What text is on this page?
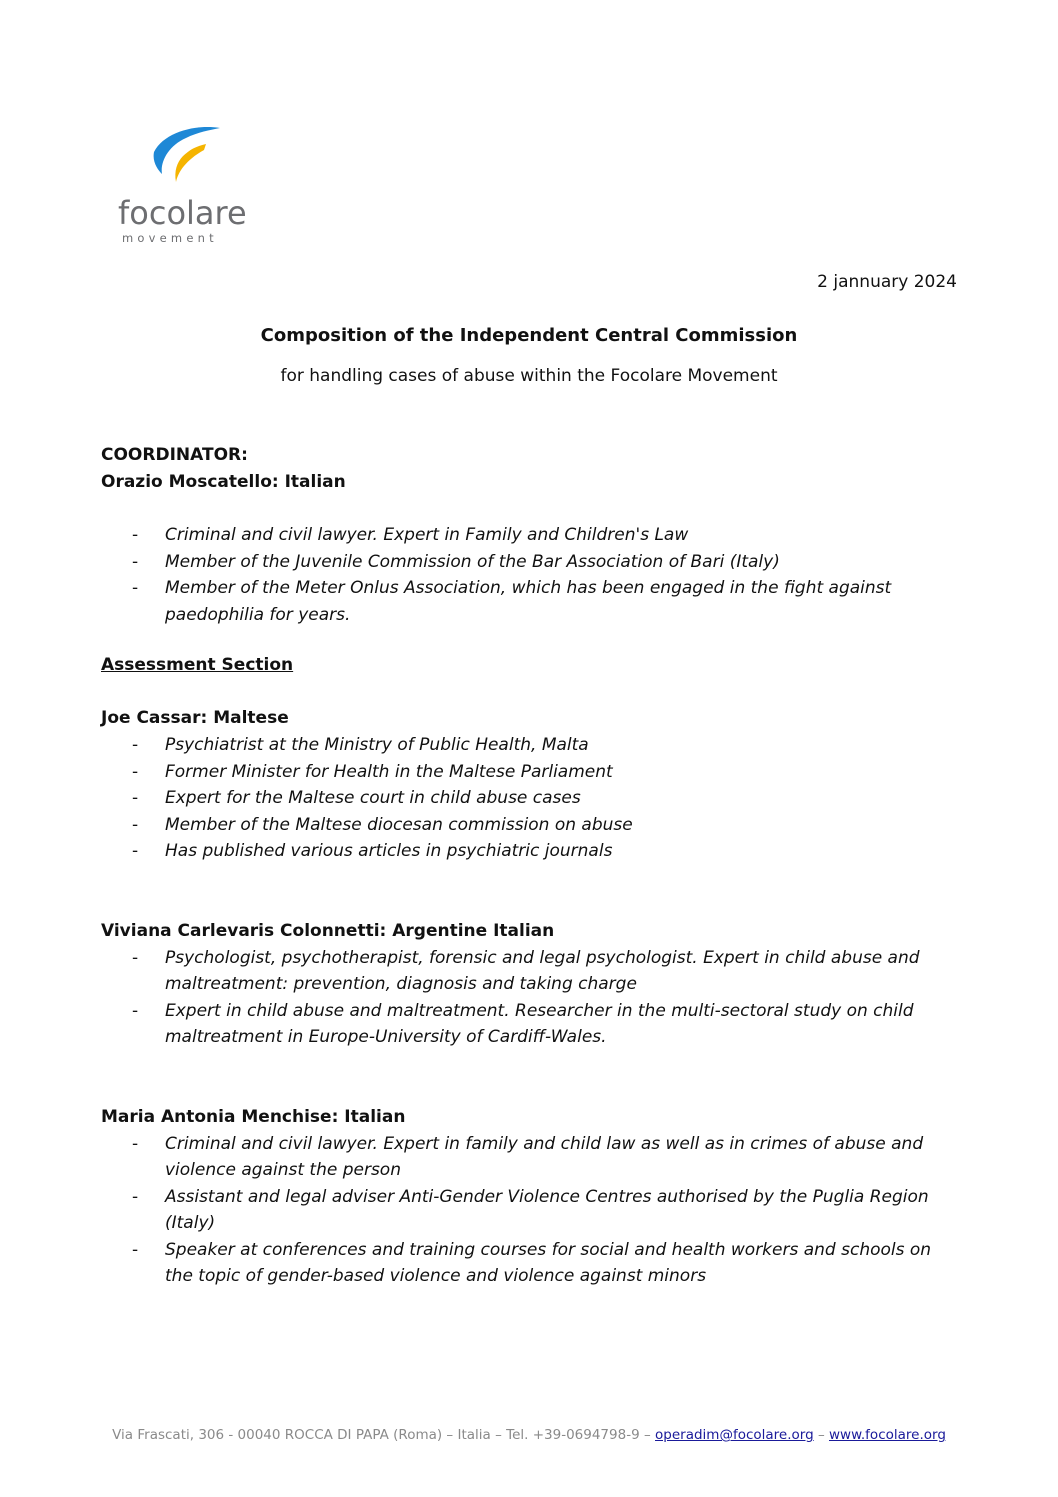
focolare
movement
2 jannuary 2024
Composition of the Independent Central Commission
for handling cases of abuse within the Focolare Movement
COORDINATOR:
Orazio Moscatello: Italian
- Criminal and civil lawyer. Expert in Family and Children's Law
- Member of the Juvenile Commission of the Bar Association of Bari (Italy)
- Member of the Meter Onlus Association, which has been engaged in the fight against paedophilia for years.
Assessment Section
Joe Cassar: Maltese
- Psychiatrist at the Ministry of Public Health, Malta
- Former Minister for Health in the Maltese Parliament
- Expert for the Maltese court in child abuse cases
- Member of the Maltese diocesan commission on abuse
- Has published various articles in psychiatric journals
Viviana Carlevaris Colonnetti: Argentine Italian
- Psychologist, psychotherapist, forensic and legal psychologist. Expert in child abuse and maltreatment: prevention, diagnosis and taking charge
- Expert in child abuse and maltreatment. Researcher in the multi-sectoral study on child maltreatment in Europe-University of Cardiff-Wales.
Maria Antonia Menchise: Italian
- Criminal and civil lawyer. Expert in family and child law as well as in crimes of abuse and violence against the person
- Assistant and legal adviser Anti-Gender Violence Centres authorised by the Puglia Region (Italy)
- Speaker at conferences and training courses for social and health workers and schools on the topic of gender-based violence and violence against minors
Via Frascati, 306 - 00040 ROCCA DI PAPA (Roma) – Italia – Tel. +39-0694798-9 – operadim@focolare.org – www.focolare.org
